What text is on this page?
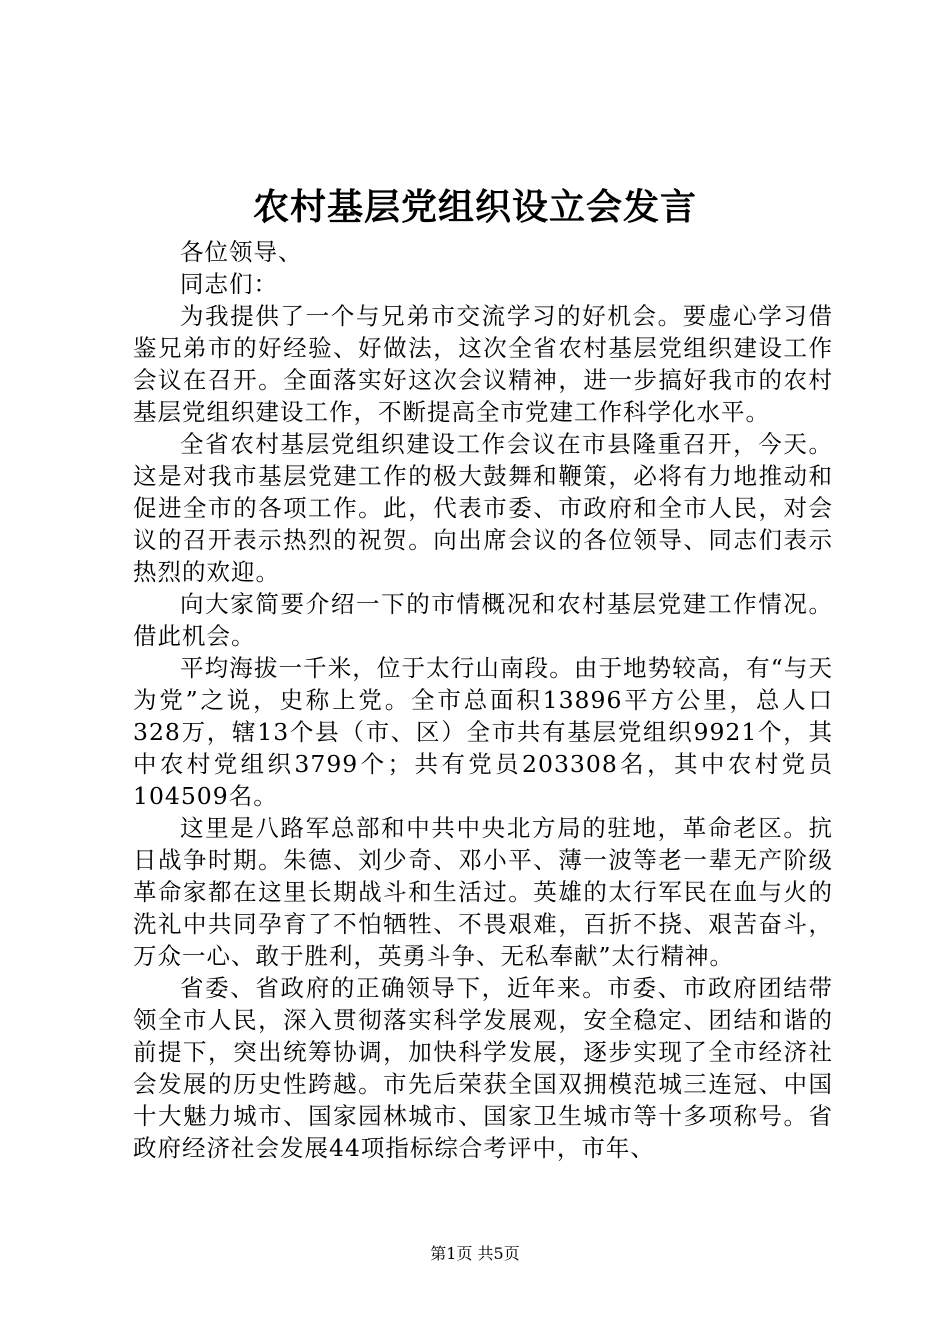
农村基层党组织设立会发言

各位领导、

同志们：

为我提供了一个与兄弟市交流学习的好机会。要虚心学习借鉴兄弟市的好经验、好做法，这次全省农村基层党组织建设工作会议在召开。全面落实好这次会议精神，进一步搞好我市的农村基层党组织建设工作，不断提高全市党建工作科学化水平。

全省农村基层党组织建设工作会议在市县隆重召开，今天。这是对我市基层党建工作的极大鼓舞和鞭策，必将有力地推动和促进全市的各项工作。此，代表市委、市政府和全市人民，对会议的召开表示热烈的祝贺。向出席会议的各位领导、同志们表示热烈的欢迎。

向大家简要介绍一下的市情概况和农村基层党建工作情况。借此机会。

平均海拔一千米，位于太行山南段。由于地势较高，有“与天为党”之说，史称上党。全市总面积13896平方公里，总人口328万，辖13个县（市、区）全市共有基层党组织9921个，其中农村党组织3799个；共有党员203308名，其中农村党员104509名。

这里是八路军总部和中共中央北方局的驻地，革命老区。抗日战争时期。朱德、刘少奇、邓小平、薄一波等老一辈无产阶级革命家都在这里长期战斗和生活过。英雄的太行军民在血与火的洗礼中共同孕育了不怕牺牲、不畏艰难，百折不挠、艰苦奋斗，万众一心、敢于胜利，英勇斗争、无私奉献”太行精神。

省委、省政府的正确领导下，近年来。市委、市政府团结带领全市人民，深入贯彻落实科学发展观，安全稳定、团结和谐的前提下，突出统筹协调，加快科学发展，逐步实现了全市经济社会发展的历史性跨越。市先后荣获全国双拥模范城三连冠、中国十大魅力城市、国家园林城市、国家卫生城市等十多项称号。省政府经济社会发展44项指标综合考评中，市年、

第1页 共5页
